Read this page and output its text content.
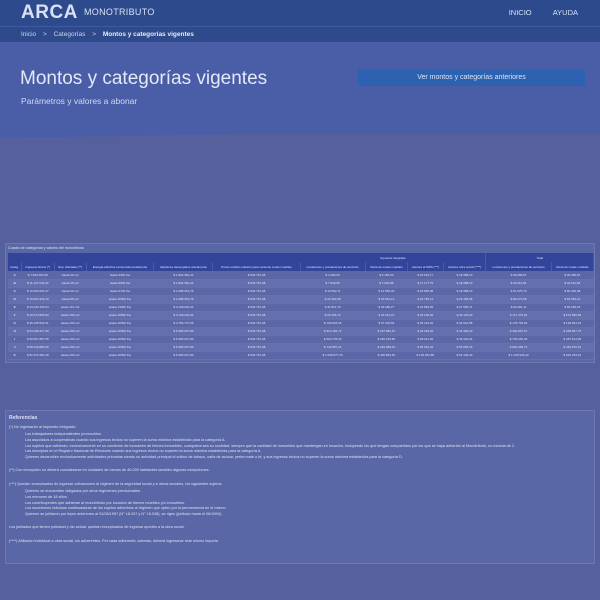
ARCA MONOTRIBUTO	INICIO	AYUDA
Inicio > Categorías > Montos y categorías vigentes
Montos y categorías vigentes
Parámetros y valores a abonar
Ver montos y categorías anteriores
Cuadro de categorías y valores del monotributo
						Impuesto integrado				Total	
Categ.	Ingresos brutos (*)	Sup. Afectada (**)	Energía eléctrica consumida anualmente	Alquileres devengados anualmente	Precio unitario máximo para venta de cosas muebles	Locaciones y prestaciones de servicios	Venta de cosas muebles	Aportes al SIPA (***)	Aportes obra social (****)	Locaciones y prestaciones de servicios	Venta de cosas muebles
A	$ 7.813.063,45	Hasta 30 m2	Hasta 3330 Kw	$ 1.822.381,44	$ 536.767,48	$ 4.182,60	$ 4.182,60	$ 15.616,17	$ 19.488,10	$ 39.286,87	$ 39.286,87
B	$ 11.447.046,44	Hasta 45 m2	Hasta 5000 Kw	$ 1.822.381,44	$ 536.767,48	$ 7.946,95	$ 7.946,95	$ 17.177,79	$ 19.488,10	$ 44.612,84	$ 44.612,84
C	$ 16.050.091,57	Hasta 60 m2	Hasta 6700 Kw	$ 2.488.319,76	$ 536.767,48	$ 13.592,11	$ 12.550,40	$ 18.895,58	$ 19.488,10	$ 51.975,79	$ 50.934,08
D	$ 19.926.340,10	Hasta 85 m2	Hasta 10000 Kw	$ 2.488.319,76	$ 536.767,48	$ 22.300,48	$ 20.591,12	$ 20.785,14	$ 23.186,96	$ 66.272,58	$ 64.563,22
E	$ 23.439.190,34	Hasta 110 m2	Hasta 13000 Kw	$ 3.129.220,44	$ 536.767,48	$ 41.821,75	$ 33.186,27	$ 22.863,65	$ 27.595,71	$ 92.281,11	$ 83.645,63
F	$ 29.374.695,90	Hasta 150 m2	Hasta 16500 Kw	$ 3.129.220,44	$ 536.767,48	$ 60.196,72	$ 44.314,47	$ 25.150,02	$ 32.126,20	$ 117.472,94	$ 101.590,69
G	$ 35.128.502,31	Hasta 200 m2	Hasta 20000 Kw	$ 3.753.737,96	$ 536.767,48	$ 109.018,93	$ 57.103,56	$ 35.210,02	$ 34.510,58	$ 178.739,53	$ 126.824,16
H	$ 53.298.417,30	Hasta 200 m2	Hasta 20000 Kw	$ 5.383.637,83	$ 536.767,48	$ 312.181,73	$ 157.981,51	$ 49.294,04	$ 41.392,20	$ 402.867,97	$ 248.667,75
I	$ 59.657.887,55	Hasta 200 m2	Hasta 20000 Kw	$ 5.383.637,83	$ 536.767,48	$ 620.778,30	$ 252.010,95	$ 69.011,66	$ 46.492,34	$ 736.282,30	$ 367.514,95
J	$ 68.318.880,36	Hasta 200 m2	Hasta 20000 Kw	$ 5.383.637,83	$ 536.767,48	$ 740.587,24	$ 294.989,43	$ 96.616,32	$ 55.065,16	$ 892.268,72	$ 446.670,91
K	$ 82.370.281,28	Hasta 200 m2	Hasta 20000 Kw	$ 5.383.637,83	$ 536.767,48	$ 1.048.577,15	$ 336.864,63	$ 135.262,85	$ 62.106,43	$ 1.245.946,43	$ 534.233,91
Referencias

(*) No ingresarán al impuesto integrado:

• Los trabajadores independientes promovidos.
• Los asociados a cooperativas cuando sus ingresos brutos no superen la suma máxima establecida para la categoría A.
• Los sujetos que adhieran, exclusivamente en su condición de locadores de bienes inmuebles, cualquiera sea su cantidad, siempre que la cantidad de inmuebles que mantengan en locación, incluyendo los que tengan compartidos por los que se haya adherido al Monotributo, no exceda de 2.
• Las inscriptas en el Registro Nacional de Efectores cuando sus ingresos brutos no superen la suma máxima establecida para la categoría A.
• Quienes desarrollen exclusivamente actividades primarias siendo su actividad principal el cultivo de tabaco, caña de azúcar, yerba mate o té, y sus ingresos brutos no superen la suma máxima establecida para la categoría D.

(**) Con excepción no deberá considerarse en ciudades de menos de 40.000 habitantes también algunas excepciones.

(***) Quedan exceptuados de ingresar cotizaciones al régimen de la seguridad social y a obras sociales, los siguientes sujetos:

• Quienes se encuentren obligados por otros regímenes previsionales.
• Los menores de 18 años.
• Los contribuyentes que adhieran al monotributo por locación de bienes muebles y/o inmuebles.
• Los sucesiones indivisas continuadoras de los sujetos adheridos al régimen que opten por la permanencia en el mismo.
• Quienes se jubilaron por leyes anteriores al 01/08/1997 (N° 18.037 y N° 18.038), se rigen (jubilado hasta el 06/1994).

Los jubilados que tienen potestad y dio actual, quedan exceptuados de ingresar aportes a la obra social.

(****) Afiliación individual a obra social, sin adherentes. Por cada adherente, además, deberá ingresarse este mismo importe.
